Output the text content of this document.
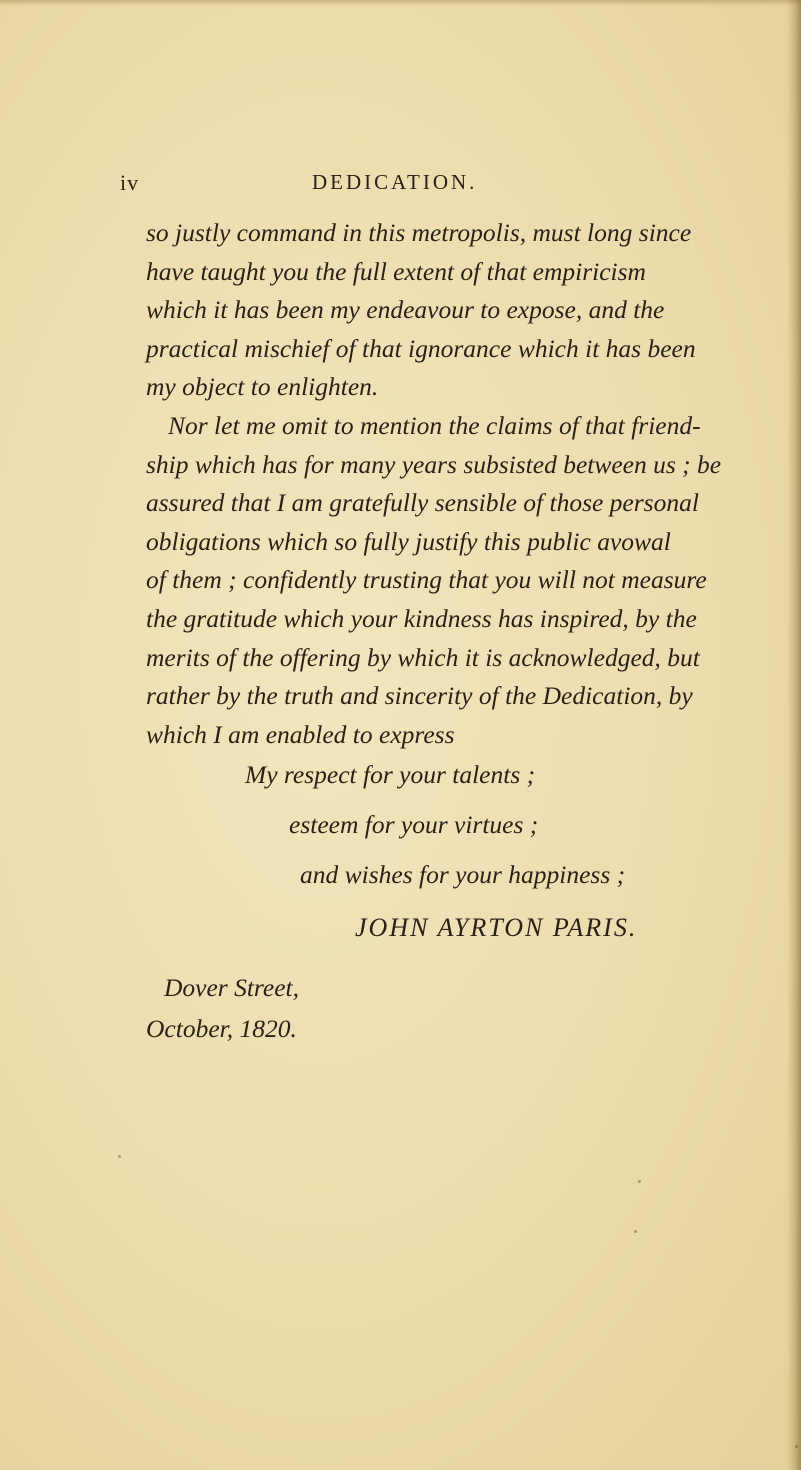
iv	DEDICATION.
so justly command in this metropolis, must long since
have taught you the full extent of that empiricism
which it has been my endeavour to expose, and the
practical mischief of that ignorance which it has been
my object to enlighten.
Nor let me omit to mention the claims of that friend-
ship which has for many years subsisted between us ; be
assured that I am gratefully sensible of those personal
obligations which so fully justify this public avowal
of them ; confidently trusting that you will not measure
the gratitude which your kindness has inspired, by the
merits of the offering by which it is acknowledged, but
rather by the truth and sincerity of the Dedication, by
which I am enabled to express
My respect for your talents ;
esteem for your virtues ;
and wishes for your happiness ;
JOHN AYRTON PARIS.
Dover Street,
October, 1820.
